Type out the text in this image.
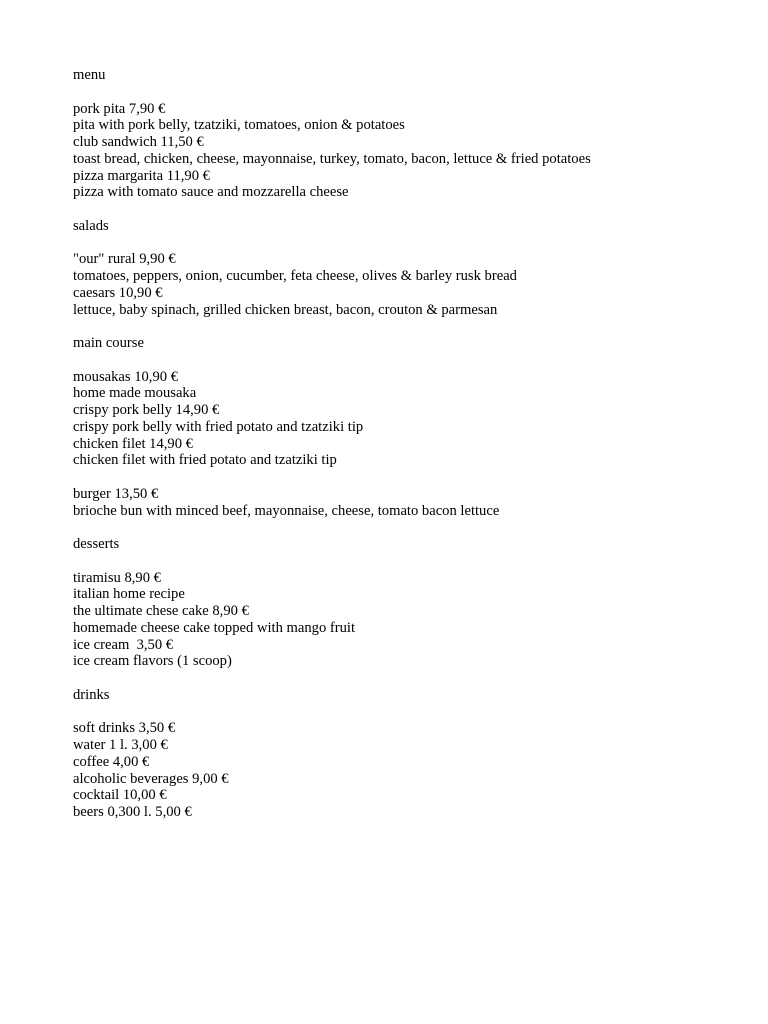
menu
pork pita 7,90 €
pita with pork belly, tzatziki, tomatoes, onion & potatoes
club sandwich 11,50 €
toast bread, chicken, cheese, mayonnaise, turkey, tomato, bacon, lettuce & fried potatoes
pizza margarita 11,90 €
pizza with tomato sauce and mozzarella cheese
salads
"our" rural 9,90 €
tomatoes, peppers, onion, cucumber, feta cheese, olives & barley rusk bread
caesars 10,90 €
lettuce, baby spinach, grilled chicken breast, bacon, crouton & parmesan
main course
mousakas 10,90 €
home made mousaka
crispy pork belly 14,90 €
crispy pork belly with fried potato and tzatziki tip
chicken filet 14,90 €
chicken filet with fried potato and tzatziki tip
burger 13,50 €
brioche bun with minced beef, mayonnaise, cheese, tomato bacon lettuce
desserts
tiramisu 8,90 €
italian home recipe
the ultimate chese cake 8,90 €
homemade cheese cake topped with mango fruit
ice cream  3,50 €
ice cream flavors (1 scoop)
drinks
soft drinks 3,50 €
water 1 l. 3,00 €
coffee 4,00 €
alcoholic beverages 9,00 €
cocktail 10,00 €
beers 0,300 l. 5,00 €
